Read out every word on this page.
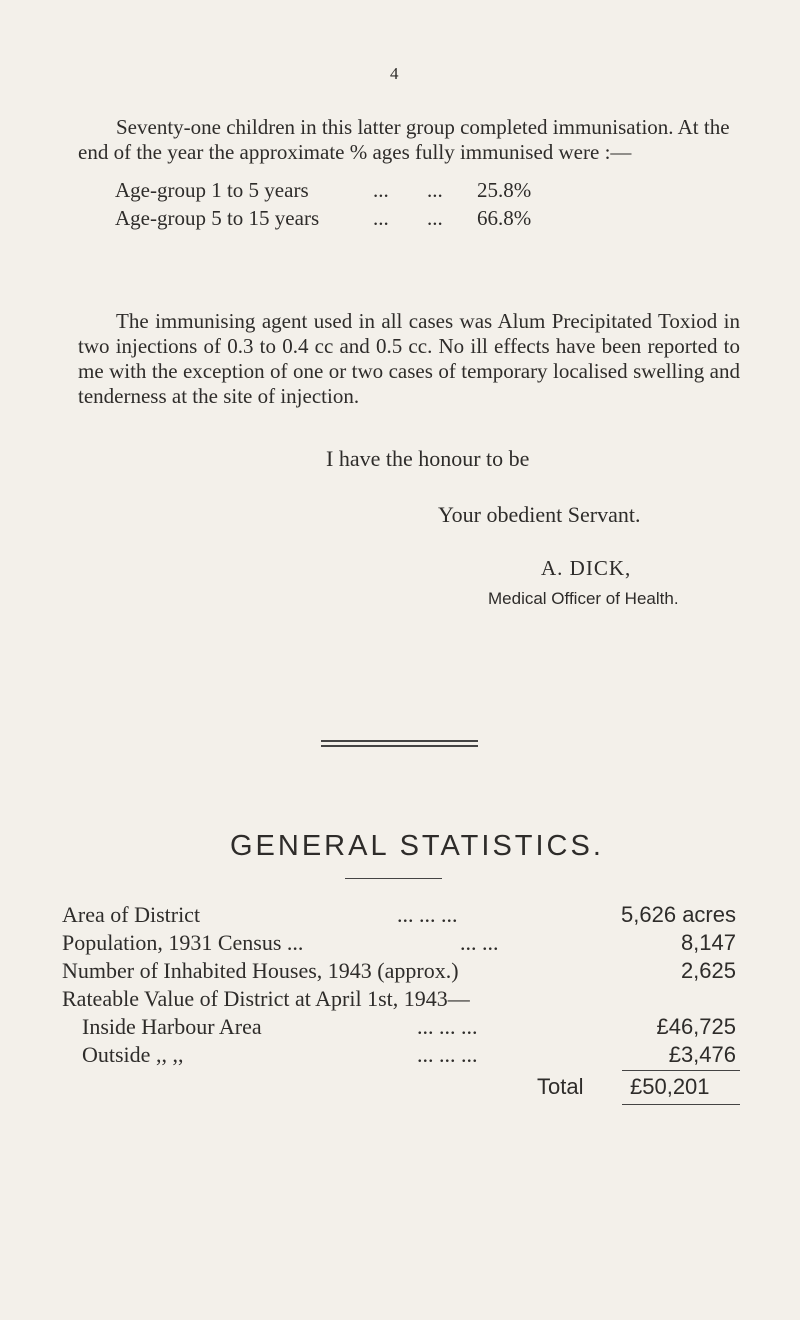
4

Seventy-one children in this latter group completed immunisation. At the end of the year the approximate % ages fully immunised were :—

Age-group 1 to 5 years	... ... 25.8%
Age-group 5 to 15 years	... ... 66.8%

The immunising agent used in all cases was Alum Precipitated Toxiod in two injections of 0.3 to 0.4 cc and 0.5 cc. No ill effects have been reported to me with the exception of one or two cases of temporary localised swelling and tenderness at the site of injection.

I have the honour to be
Your obedient Servant.
A. DICK,
Medical Officer of Health.
GENERAL STATISTICS.
Area of District	... ... ...	5,626 acres
Population, 1931 Census ...	... ...	8,147
Number of Inhabited Houses, 1943 (approx.)	2,625
Rateable Value of District at April 1st, 1943—
Inside Harbour Area	... ... ...	£46,725
Outside ,, ,,	... ... ...	£3,476
Total £50,201
